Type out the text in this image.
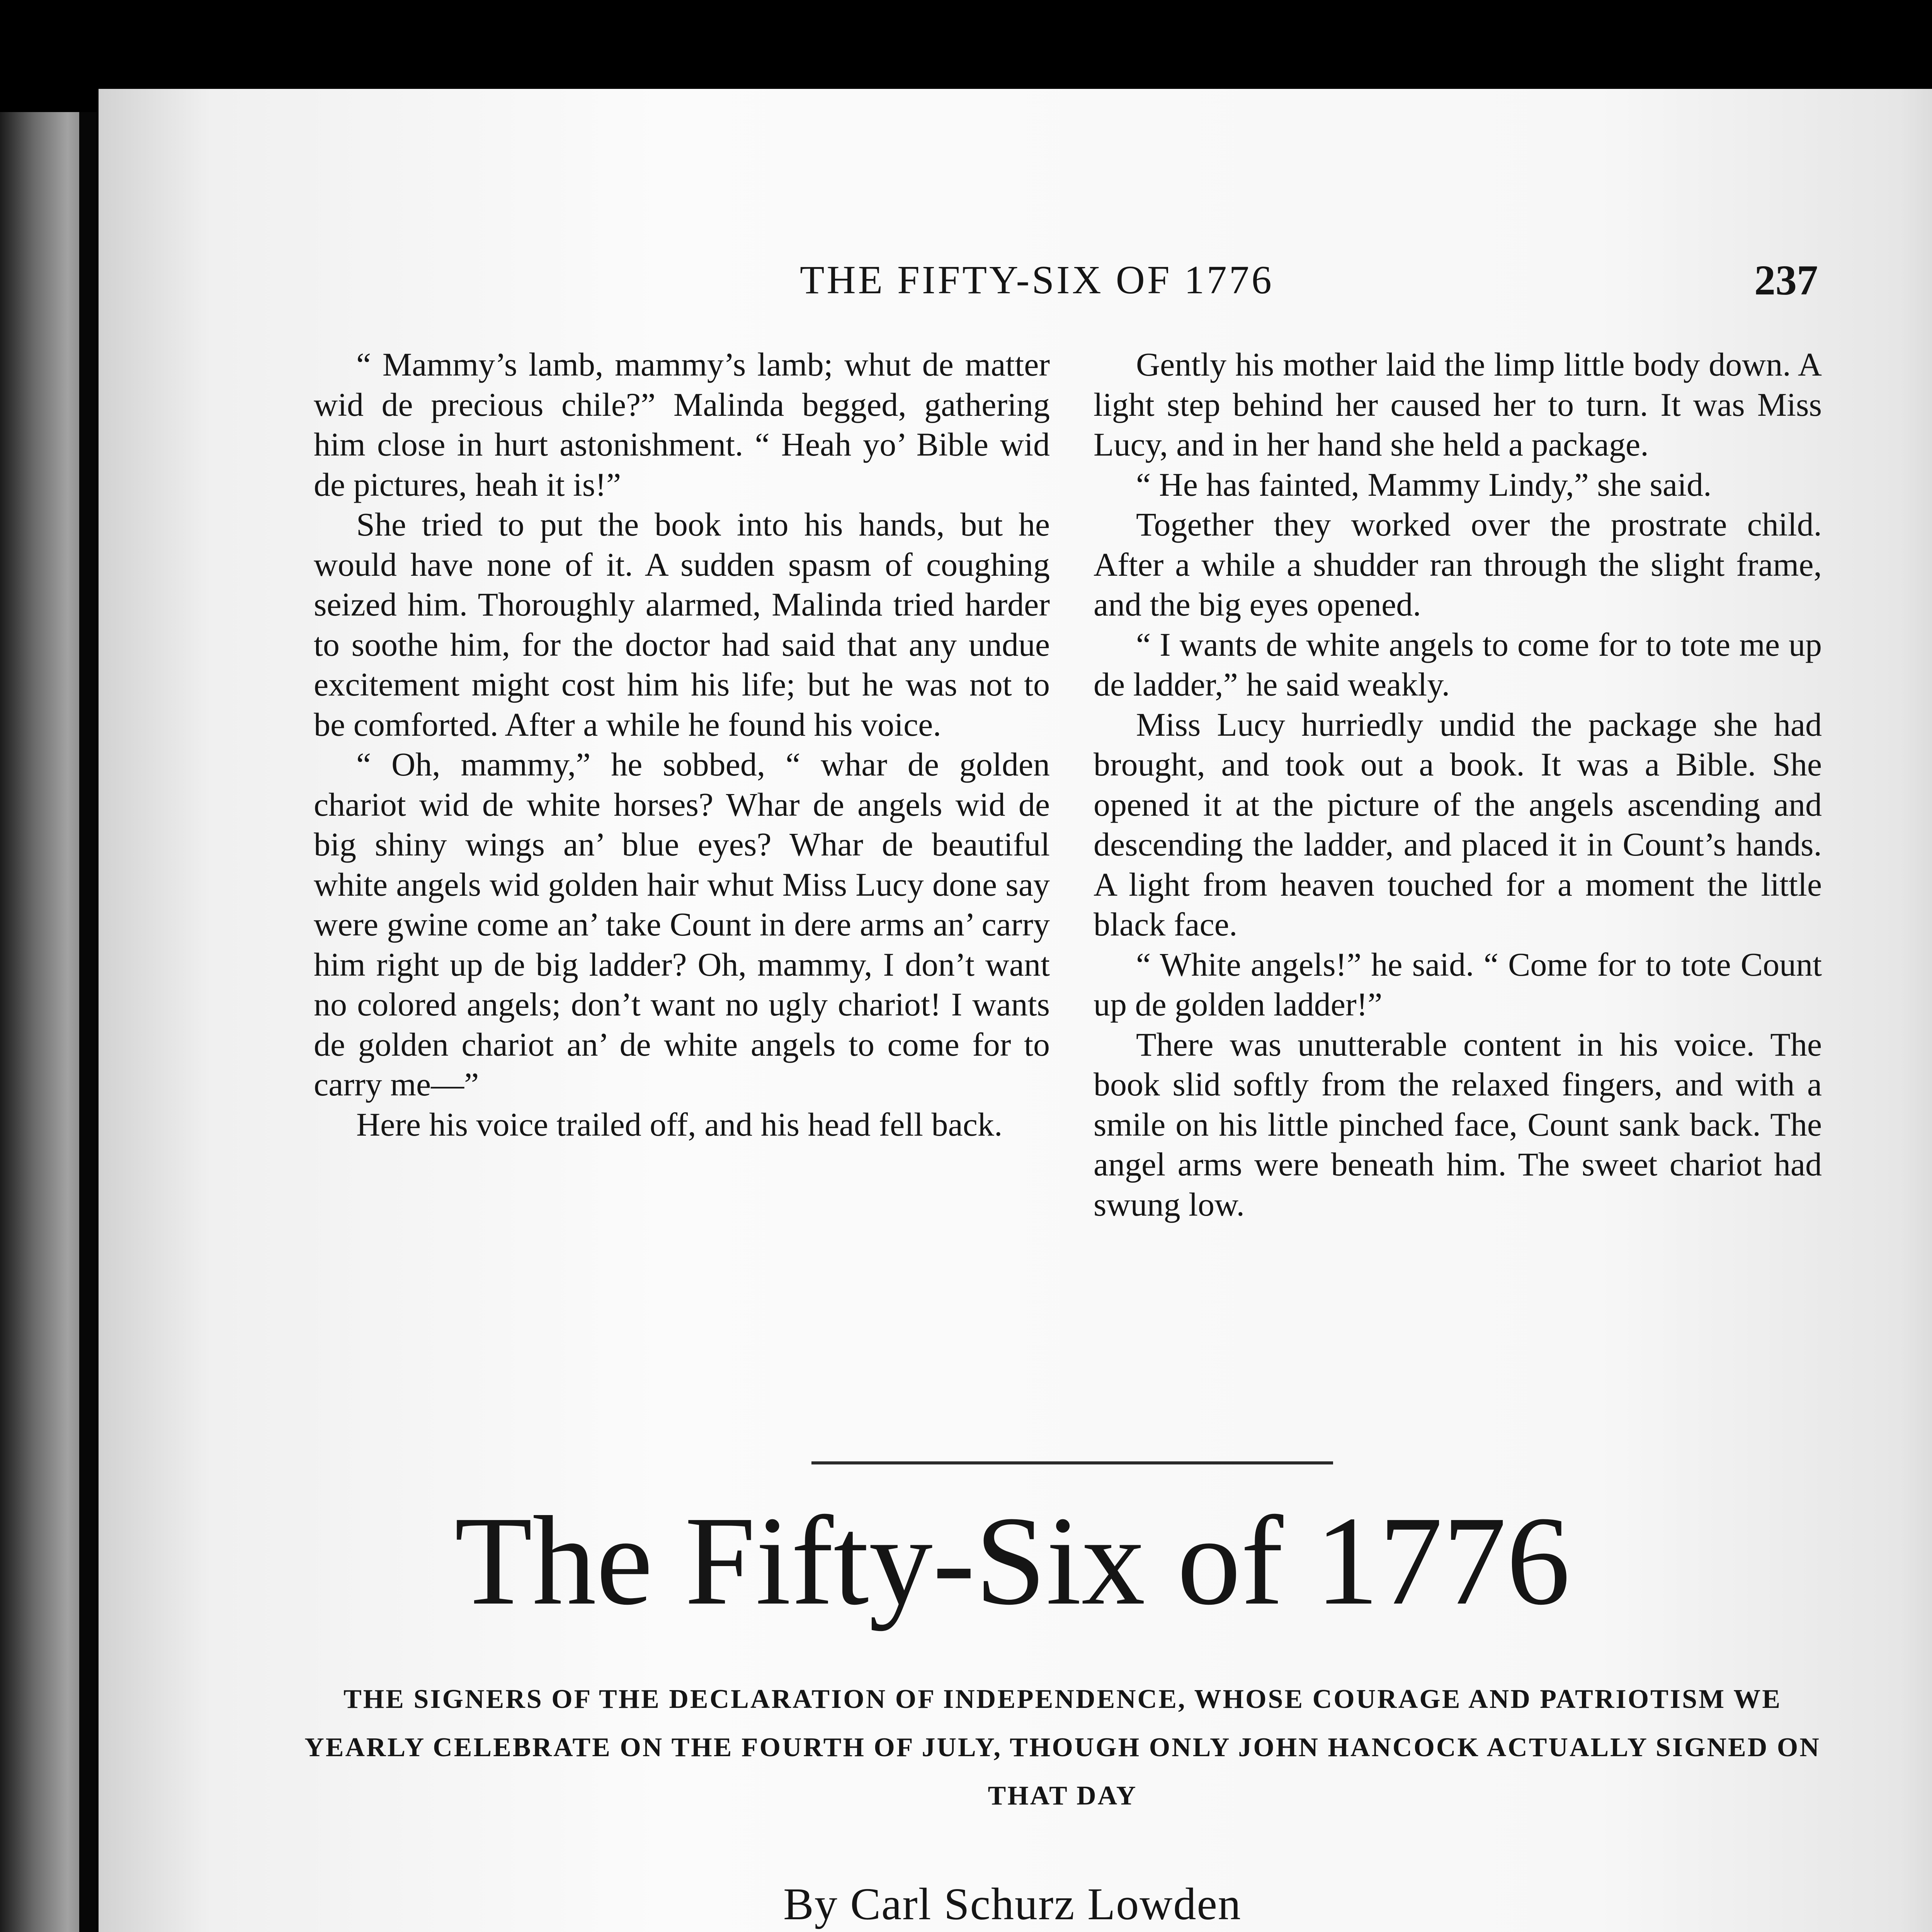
THE FIFTY-SIX OF 1776	237

“ Mammy’s lamb, mammy’s lamb; whut de matter wid de precious chile?” Malinda begged, gathering him close in hurt astonishment. “ Heah yo’ Bible wid de pictures, heah it is!”

She tried to put the book into his hands, but he would have none of it. A sudden spasm of coughing seized him. Thoroughly alarmed, Malinda tried harder to soothe him, for the doctor had said that any undue excitement might cost him his life; but he was not to be comforted. After a while he found his voice.

“ Oh, mammy,” he sobbed, “ whar de golden chariot wid de white horses? Whar de angels wid de big shiny wings an’ blue eyes? Whar de beautiful white angels wid golden hair whut Miss Lucy done say were gwine come an’ take Count in dere arms an’ carry him right up de big ladder? Oh, mammy, I don’t want no colored angels; don’t want no ugly chariot! I wants de golden chariot an’ de white angels to come for to carry me—”

Here his voice trailed off, and his head fell back.

Gently his mother laid the limp little body down. A light step behind her caused her to turn. It was Miss Lucy, and in her hand she held a package.

“ He has fainted, Mammy Lindy,” she said.

Together they worked over the prostrate child. After a while a shudder ran through the slight frame, and the big eyes opened.

“ I wants de white angels to come for to tote me up de ladder,” he said weakly.

Miss Lucy hurriedly undid the package she had brought, and took out a book. It was a Bible. She opened it at the picture of the angels ascending and descending the ladder, and placed it in Count’s hands. A light from heaven touched for a moment the little black face.

“ White angels!” he said. “ Come for to tote Count up de golden ladder!”

There was unutterable content in his voice. The book slid softly from the relaxed fingers, and with a smile on his little pinched face, Count sank back. The angel arms were beneath him. The sweet chariot had swung low.

The Fifty-Six of 1776
THE SIGNERS OF THE DECLARATION OF INDEPENDENCE, WHOSE COURAGE AND PATRIOTISM WE YEARLY CELEBRATE ON THE FOURTH OF JULY, THOUGH ONLY JOHN HANCOCK ACTUALLY SIGNED ON THAT DAY
By Carl Schurz Lowden
